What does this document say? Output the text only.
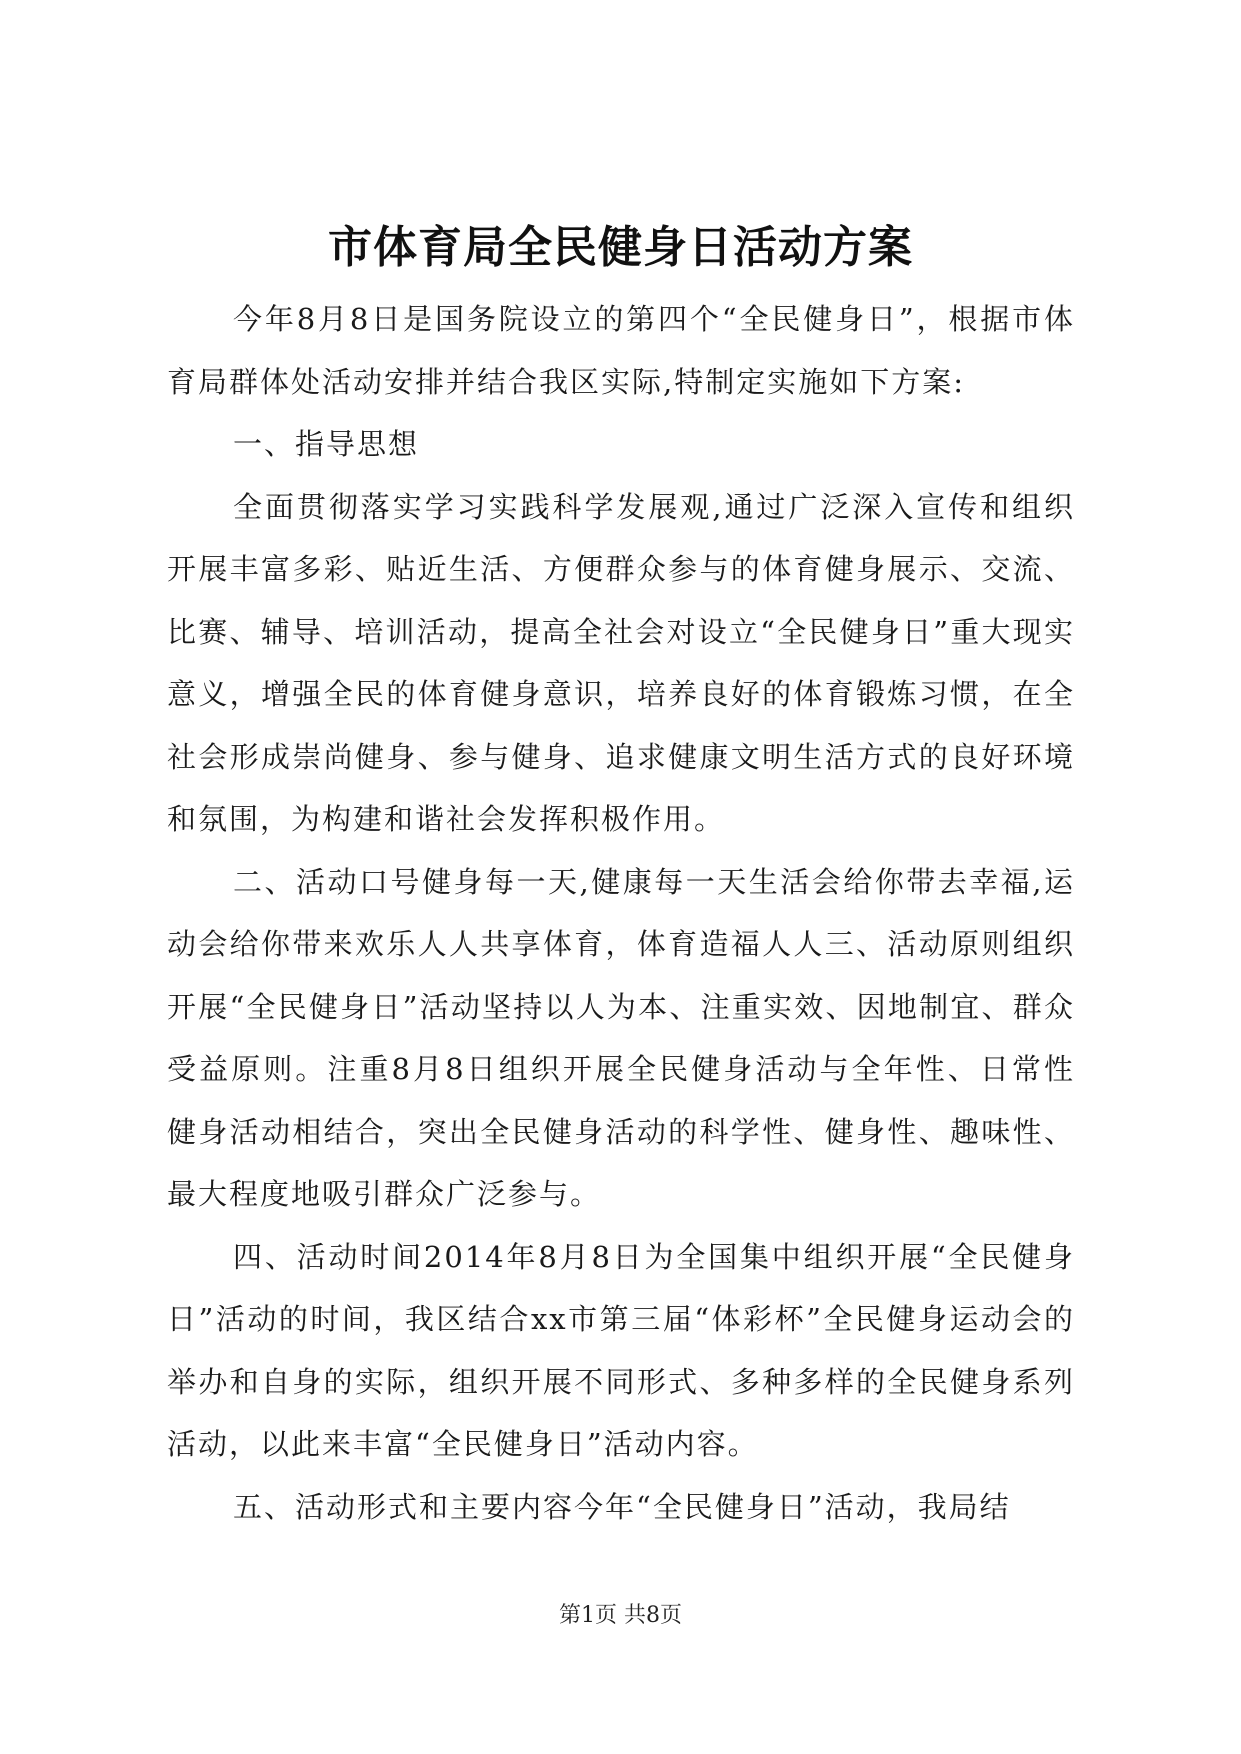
市体育局全民健身日活动方案

今年8月8日是国务院设立的第四个“全民健身日”，根据市体育局群体处活动安排并结合我区实际,特制定实施如下方案:

一、指导思想

全面贯彻落实学习实践科学发展观,通过广泛深入宣传和组织开展丰富多彩、贴近生活、方便群众参与的体育健身展示、交流、比赛、辅导、培训活动，提高全社会对设立“全民健身日”重大现实意义，增强全民的体育健身意识，培养良好的体育锻炼习惯，在全社会形成崇尚健身、参与健身、追求健康文明生活方式的良好环境和氛围，为构建和谐社会发挥积极作用。

二、活动口号健身每一天,健康每一天生活会给你带去幸福,运动会给你带来欢乐人人共享体育，体育造福人人三、活动原则组织开展“全民健身日”活动坚持以人为本、注重实效、因地制宜、群众受益原则。注重8月8日组织开展全民健身活动与全年性、日常性健身活动相结合，突出全民健身活动的科学性、健身性、趣味性、最大程度地吸引群众广泛参与。

四、活动时间2014年8月8日为全国集中组织开展“全民健身日”活动的时间，我区结合xx市第三届“体彩杯”全民健身运动会的举办和自身的实际，组织开展不同形式、多种多样的全民健身系列活动，以此来丰富“全民健身日”活动内容。

五、活动形式和主要内容今年“全民健身日”活动，我局结

第1页 共8页
